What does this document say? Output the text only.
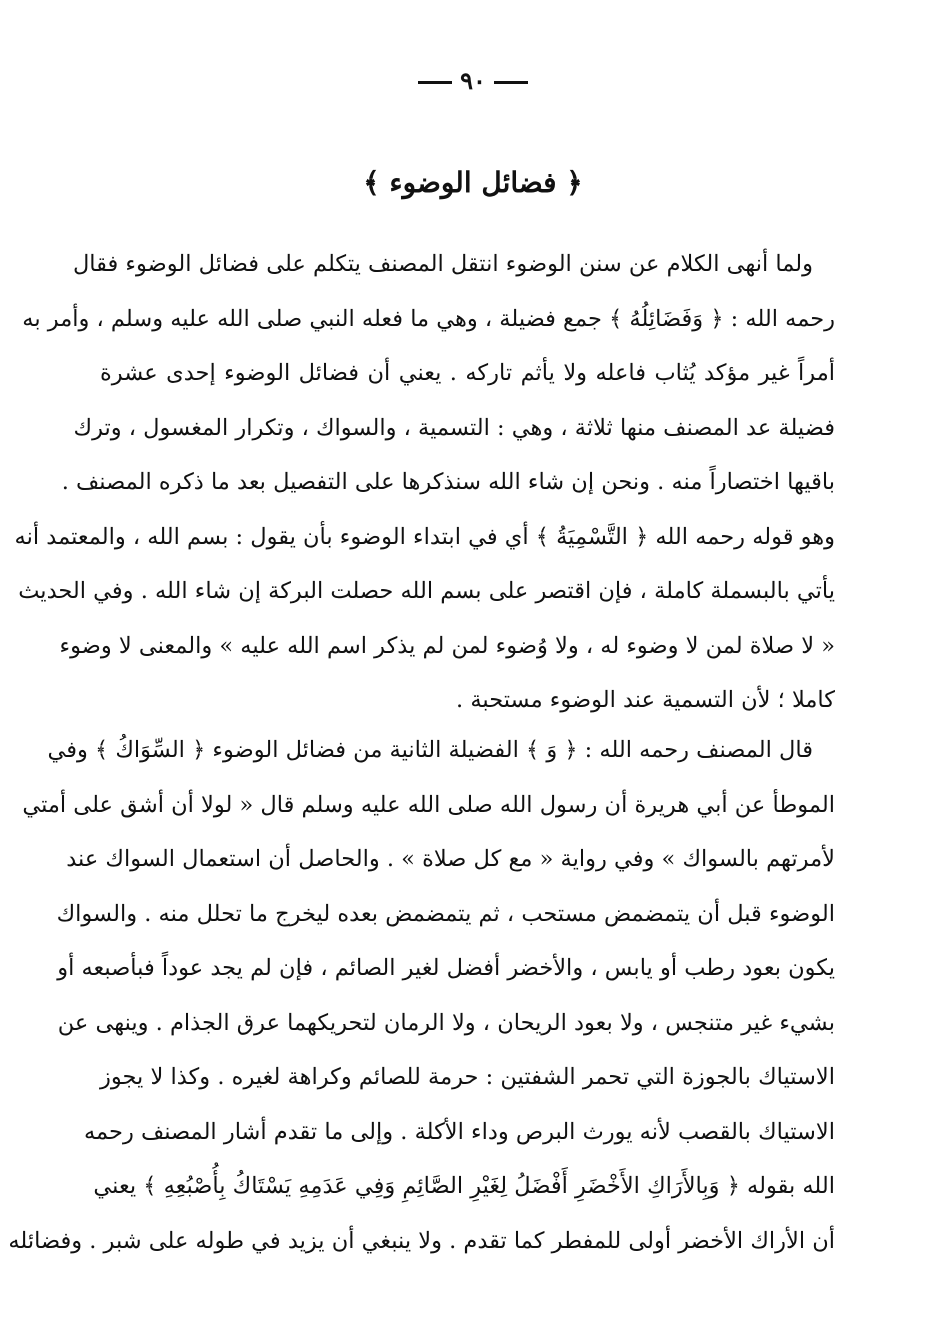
٩٠
﴿ فضائل الوضوء ﴾
ولما أنهى الكلام عن سنن الوضوء انتقل المصنف يتكلم على فضائل الوضوء فقال
رحمه الله : ﴿ وَفَضَائِلُهُ ﴾ جمع فضيلة ، وهي ما فعله النبي صلى الله عليه وسلم ، وأمر به
أمراً غير مؤكد يُثاب فاعله ولا يأثم تاركه . يعني أن فضائل الوضوء إحدى عشرة
فضيلة عد المصنف منها ثلاثة ، وهي : التسمية ، والسواك ، وتكرار المغسول ، وترك
باقيها اختصاراً منه . ونحن إن شاء الله سنذكرها على التفصيل بعد ما ذكره المصنف .
وهو قوله رحمه الله ﴿ التَّسْمِيَةُ ﴾ أي في ابتداء الوضوء بأن يقول : بسم الله ، والمعتمد أنه
يأتي بالبسملة كاملة ، فإن اقتصر على بسم الله حصلت البركة إن شاء الله . وفي الحديث
« لا صلاة لمن لا وضوء له ، ولا وُضوء لمن لم يذكر اسم الله عليه » والمعنى لا وضوء
كاملا ؛ لأن التسمية عند الوضوء مستحبة .
قال المصنف رحمه الله : ﴿ وَ ﴾ الفضيلة الثانية من فضائل الوضوء ﴿ السِّوَاكُ ﴾ وفي
الموطأ عن أبي هريرة أن رسول الله صلى الله عليه وسلم قال « لولا أن أشق على أمتي
لأمرتهم بالسواك » وفي رواية « مع كل صلاة » . والحاصل أن استعمال السواك عند
الوضوء قبل أن يتمضمض مستحب ، ثم يتمضمض بعده ليخرج ما تحلل منه . والسواك
يكون بعود رطب أو يابس ، والأخضر أفضل لغير الصائم ، فإن لم يجد عوداً فبأصبعه أو
بشيء غير متنجس ، ولا بعود الريحان ، ولا الرمان لتحريكهما عرق الجذام . وينهى عن
الاستياك بالجوزة التي تحمر الشفتين : حرمة للصائم وكراهة لغيره . وكذا لا يجوز
الاستياك بالقصب لأنه يورث البرص وداء الأكلة . وإلى ما تقدم أشار المصنف رحمه
الله بقوله ﴿ وَبِالأَرَاكِ الأَخْضَرِ أَفْضَلُ لِغَيْرِ الصَّائِمِ وَفِي عَدَمِهِ يَسْتَاكُ بِأُصْبُعِهِ ﴾ يعني
أن الأراك الأخضر أولى للمفطر كما تقدم . ولا ينبغي أن يزيد في طوله على شبر . وفضائله
